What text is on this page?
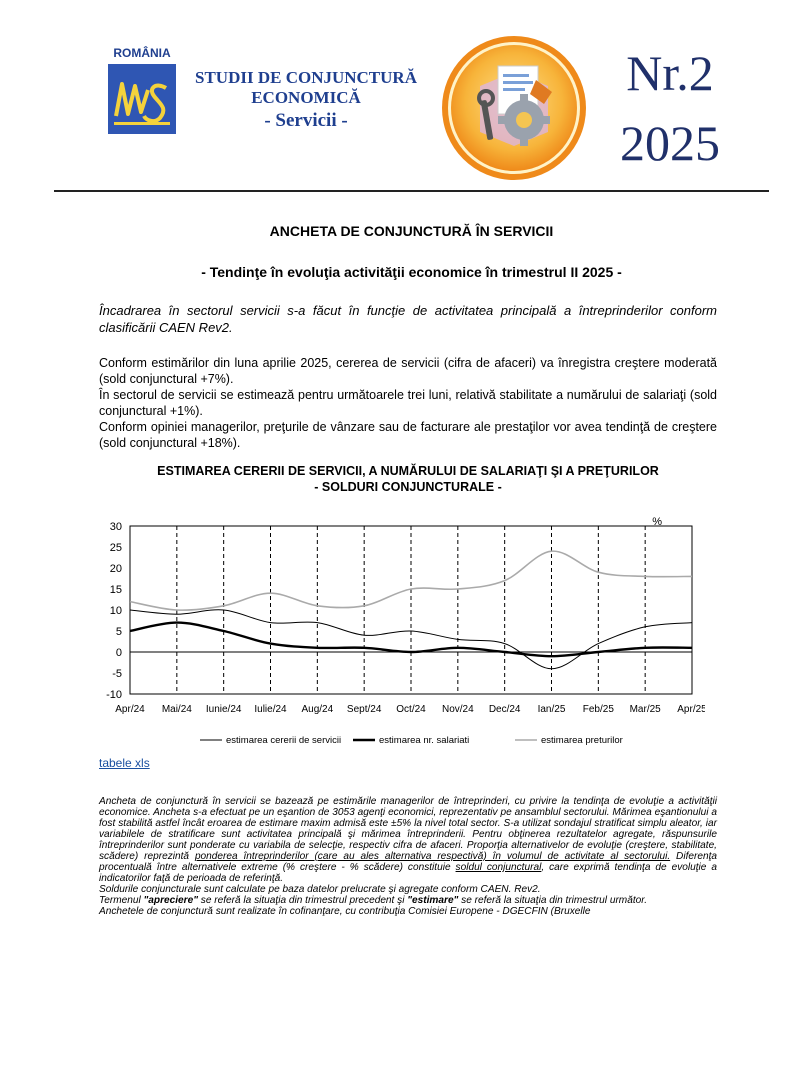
ROMÂNIA
STUDII DE CONJUNCTURĂ
ECONOMICĂ
- Servicii -
Nr.2
2025
ANCHETA DE CONJUNCTURĂ ÎN SERVICII
- Tendinţe în evoluţia activităţii economice în trimestrul II 2025 -
Încadrarea în sectorul servicii s-a făcut în funcţie de activitatea principală a întreprinderilor conform clasificării CAEN Rev2.

Conform estimărilor din luna aprilie 2025, cererea de servicii (cifra de afaceri) va înregistra creştere moderată (sold conjunctural +7%).

În sectorul de servicii se estimează pentru următoarele trei luni, relativă stabilitate a numărului de salariaţi (sold conjunctural +1%).

Conform opiniei managerilor, preţurile de vânzare sau de facturare ale prestaţilor vor avea tendinţă de creştere (sold conjunctural +18%).

ESTIMAREA CERERII DE SERVICII, A NUMĂRULUI DE SALARIAŢI ŞI A PREŢURILOR
- SOLDURI CONJUNCTURALE -
-10
-5
0
5
10
15
20
25
30
Apr/24 Mai/24 Iunie/24 Iulie/24 Aug/24 Sept/24 Oct/24 Nov/24 Dec/24 Ian/25 Feb/25 Mar/25 Apr/25
%
estimarea cererii de servicii	estimarea nr. salariati	estimarea preturilor
tabele xls

Ancheta de conjunctură în servicii se bazează pe estimările managerilor de întreprinderi, cu privire la tendinţa de evoluţie a activităţii economice. Ancheta s-a efectuat pe un eşantion de 3053 agenţi economici, reprezentativ pe ansamblul sectorului. Mărimea eşantionului a fost stabilită astfel încât eroarea de estimare maxim admisă este ±5% la nivel total sector. S-a utilizat sondajul stratificat simplu aleator, iar variabilele de stratificare sunt activitatea principală şi mărimea întreprinderii. Pentru obţinerea rezultatelor agregate, răspunsurile întreprinderilor sunt ponderate cu variabila de selecţie, respectiv cifra de afaceri. Proporţia alternativelor de evoluţie (creştere, stabilitate, scădere) reprezintă ponderea întreprinderilor (care au ales alternativa respectivă) în volumul de activitate al sectorului. Diferenţa procentuală între alternativele extreme (% creştere - % scădere) constituie soldul conjunctural, care exprimă tendinţa de evoluţie a indicatorilor faţă de perioada de referinţă.

Soldurile conjuncturale sunt calculate pe baza datelor prelucrate şi agregate conform CAEN. Rev2.

Termenul "apreciere" se referă la situaţia din trimestrul precedent şi "estimare" se referă la situaţia din trimestrul următor.

Anchetele de conjunctură sunt realizate în cofinanţare, cu contribuţia Comisiei Europene - DGECFIN (Bruxelle
